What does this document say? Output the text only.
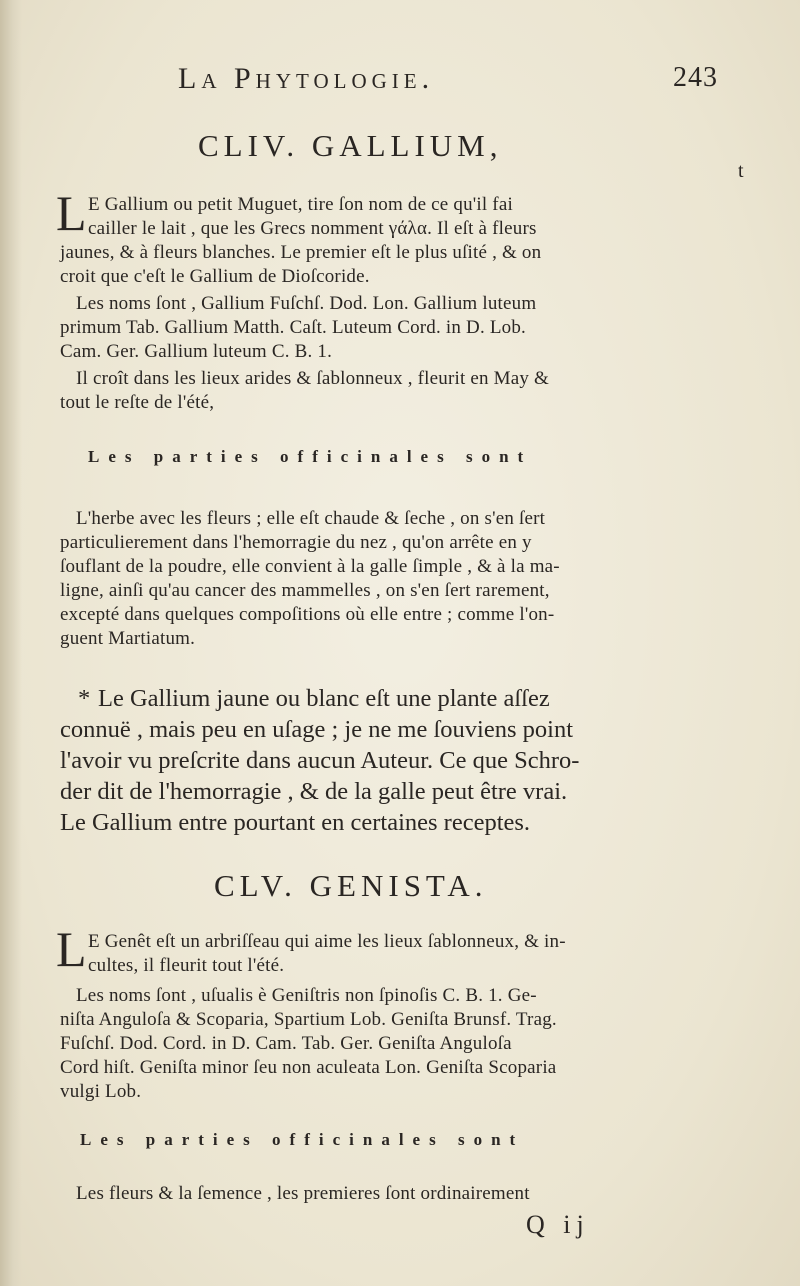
La Phytologie.	243
CLIV. GALLIUM,
t
L E Gallium ou petit Muguet, tire ſon nom de ce qu'il fai
cailler le lait , que les Grecs nomment γάλα. Il eſt à fleurs
jaunes, & à fleurs blanches. Le premier eſt le plus uſité , & on
croit que c'eſt le Gallium de Dioſcoride.
Les noms ſont , Gallium Fuſchſ. Dod. Lon. Gallium luteum
primum Tab. Gallium Matth. Caſt. Luteum Cord. in D. Lob.
Cam. Ger. Gallium luteum C. B. 1.
Il croît dans les lieux arides & ſablonneux , fleurit en May &
tout le reſte de l'été,
Les parties officinales sont
L'herbe avec les fleurs ; elle eſt chaude & ſeche , on s'en ſert
particulierement dans l'hemorragie du nez , qu'on arrête en y
ſouflant de la poudre, elle convient à la galle ſimple , & à la ma-
ligne, ainſi qu'au cancer des mammelles , on s'en ſert rarement,
excepté dans quelques compoſitions où elle entre ; comme l'on-
guent Martiatum.
* Le Gallium jaune ou blanc eſt une plante aſſez
connuë , mais peu en uſage ; je ne me ſouviens point
l'avoir vu preſcrite dans aucun Auteur. Ce que Schro-
der dit de l'hemorragie , & de la galle peut être vrai.
Le Gallium entre pourtant en certaines receptes.
CLV. GENISTA.
L E Genêt eſt un arbriſſeau qui aime les lieux ſablonneux, & in-
cultes, il fleurit tout l'été.
Les noms ſont , uſualis è Geniſtris non ſpinoſis C. B. 1. Ge-
niſta Anguloſa & Scoparia, Spartium Lob. Geniſta Brunsf. Trag.
Fuſchſ. Dod. Cord. in D. Cam. Tab. Ger. Geniſta Anguloſa
Cord hiſt. Geniſta minor ſeu non aculeata Lon. Geniſta Scoparia
vulgi Lob.
Les parties officinales sont
Les fleurs & la ſemence , les premieres ſont ordinairement
Q ij
